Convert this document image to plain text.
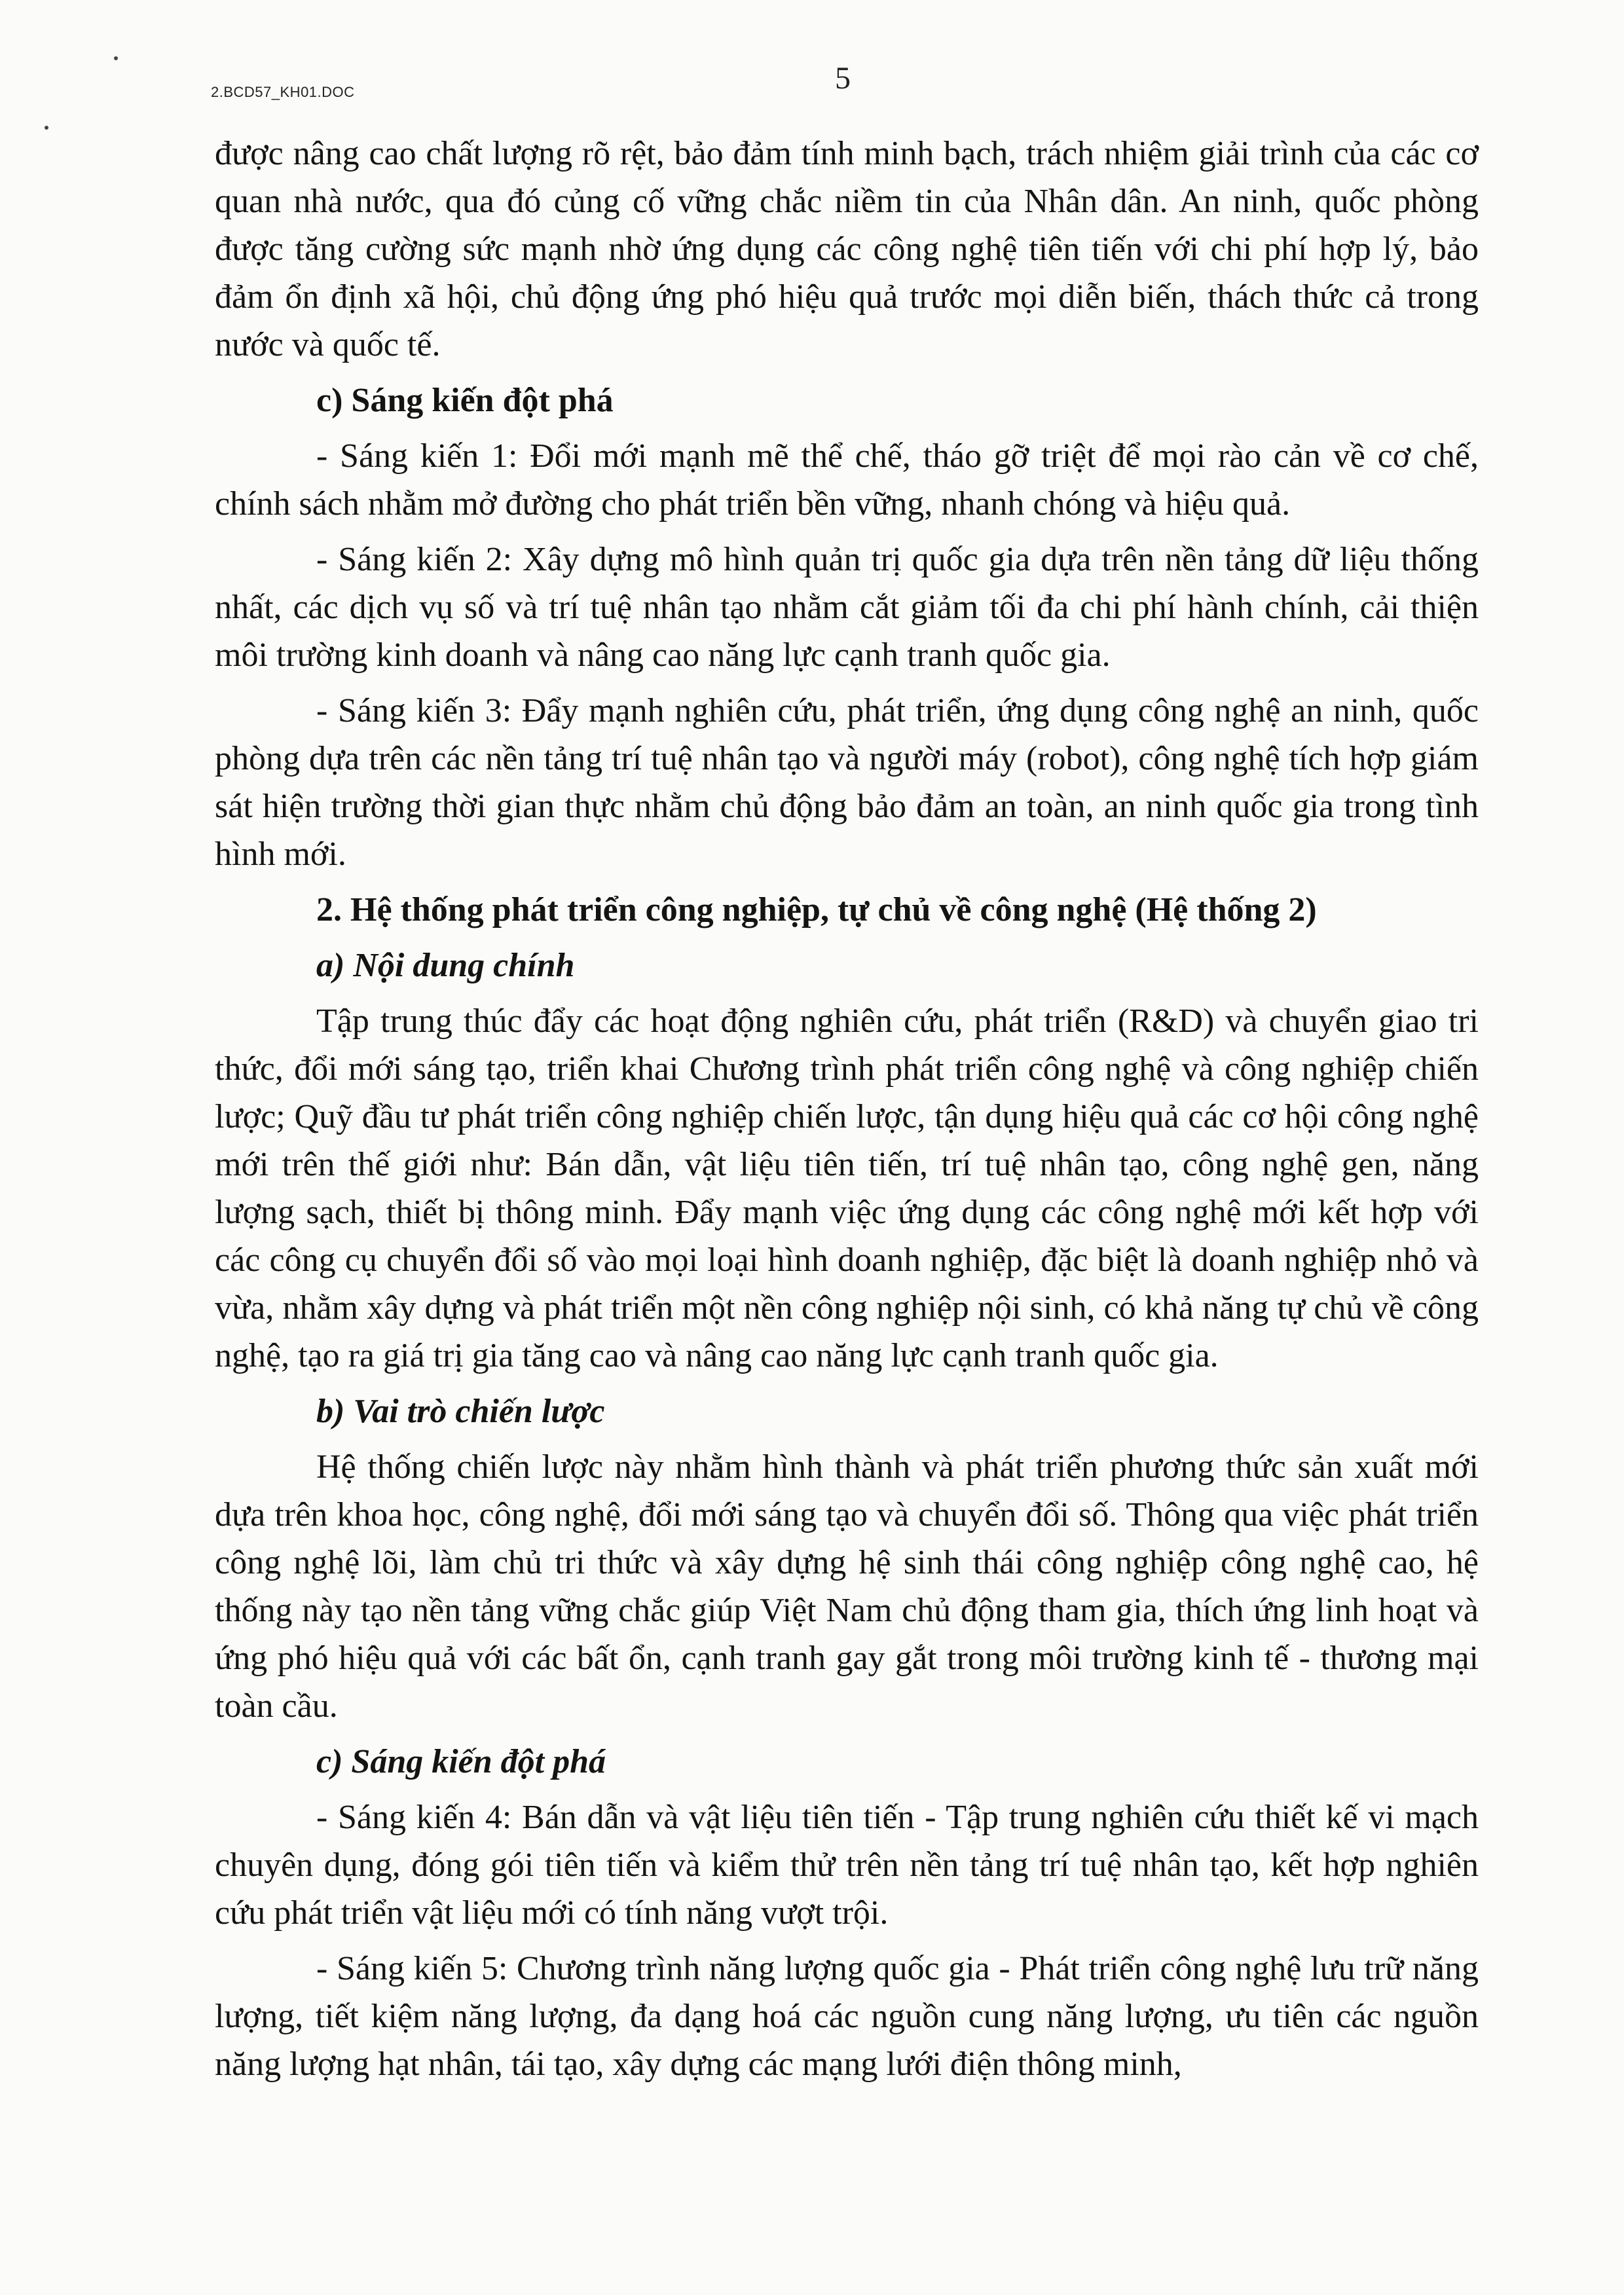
2.BCD57_KH01.DOC	5

được nâng cao chất lượng rõ rệt, bảo đảm tính minh bạch, trách nhiệm giải trình của các cơ quan nhà nước, qua đó củng cố vững chắc niềm tin của Nhân dân. An ninh, quốc phòng được tăng cường sức mạnh nhờ ứng dụng các công nghệ tiên tiến với chi phí hợp lý, bảo đảm ổn định xã hội, chủ động ứng phó hiệu quả trước mọi diễn biến, thách thức cả trong nước và quốc tế.

c) Sáng kiến đột phá

- Sáng kiến 1: Đổi mới mạnh mẽ thể chế, tháo gỡ triệt để mọi rào cản về cơ chế, chính sách nhằm mở đường cho phát triển bền vững, nhanh chóng và hiệu quả.

- Sáng kiến 2: Xây dựng mô hình quản trị quốc gia dựa trên nền tảng dữ liệu thống nhất, các dịch vụ số và trí tuệ nhân tạo nhằm cắt giảm tối đa chi phí hành chính, cải thiện môi trường kinh doanh và nâng cao năng lực cạnh tranh quốc gia.

- Sáng kiến 3: Đẩy mạnh nghiên cứu, phát triển, ứng dụng công nghệ an ninh, quốc phòng dựa trên các nền tảng trí tuệ nhân tạo và người máy (robot), công nghệ tích hợp giám sát hiện trường thời gian thực nhằm chủ động bảo đảm an toàn, an ninh quốc gia trong tình hình mới.

2. Hệ thống phát triển công nghiệp, tự chủ về công nghệ (Hệ thống 2)
a) Nội dung chính

Tập trung thúc đẩy các hoạt động nghiên cứu, phát triển (R&D) và chuyển giao tri thức, đổi mới sáng tạo, triển khai Chương trình phát triển công nghệ và công nghiệp chiến lược; Quỹ đầu tư phát triển công nghiệp chiến lược, tận dụng hiệu quả các cơ hội công nghệ mới trên thế giới như: Bán dẫn, vật liệu tiên tiến, trí tuệ nhân tạo, công nghệ gen, năng lượng sạch, thiết bị thông minh. Đẩy mạnh việc ứng dụng các công nghệ mới kết hợp với các công cụ chuyển đổi số vào mọi loại hình doanh nghiệp, đặc biệt là doanh nghiệp nhỏ và vừa, nhằm xây dựng và phát triển một nền công nghiệp nội sinh, có khả năng tự chủ về công nghệ, tạo ra giá trị gia tăng cao và nâng cao năng lực cạnh tranh quốc gia.

b) Vai trò chiến lược

Hệ thống chiến lược này nhằm hình thành và phát triển phương thức sản xuất mới dựa trên khoa học, công nghệ, đổi mới sáng tạo và chuyển đổi số. Thông qua việc phát triển công nghệ lõi, làm chủ tri thức và xây dựng hệ sinh thái công nghiệp công nghệ cao, hệ thống này tạo nền tảng vững chắc giúp Việt Nam chủ động tham gia, thích ứng linh hoạt và ứng phó hiệu quả với các bất ổn, cạnh tranh gay gắt trong môi trường kinh tế - thương mại toàn cầu.

c) Sáng kiến đột phá

- Sáng kiến 4: Bán dẫn và vật liệu tiên tiến - Tập trung nghiên cứu thiết kế vi mạch chuyên dụng, đóng gói tiên tiến và kiểm thử trên nền tảng trí tuệ nhân tạo, kết hợp nghiên cứu phát triển vật liệu mới có tính năng vượt trội.

- Sáng kiến 5: Chương trình năng lượng quốc gia - Phát triển công nghệ lưu trữ năng lượng, tiết kiệm năng lượng, đa dạng hoá các nguồn cung năng lượng, ưu tiên các nguồn năng lượng hạt nhân, tái tạo, xây dựng các mạng lưới điện thông minh,
